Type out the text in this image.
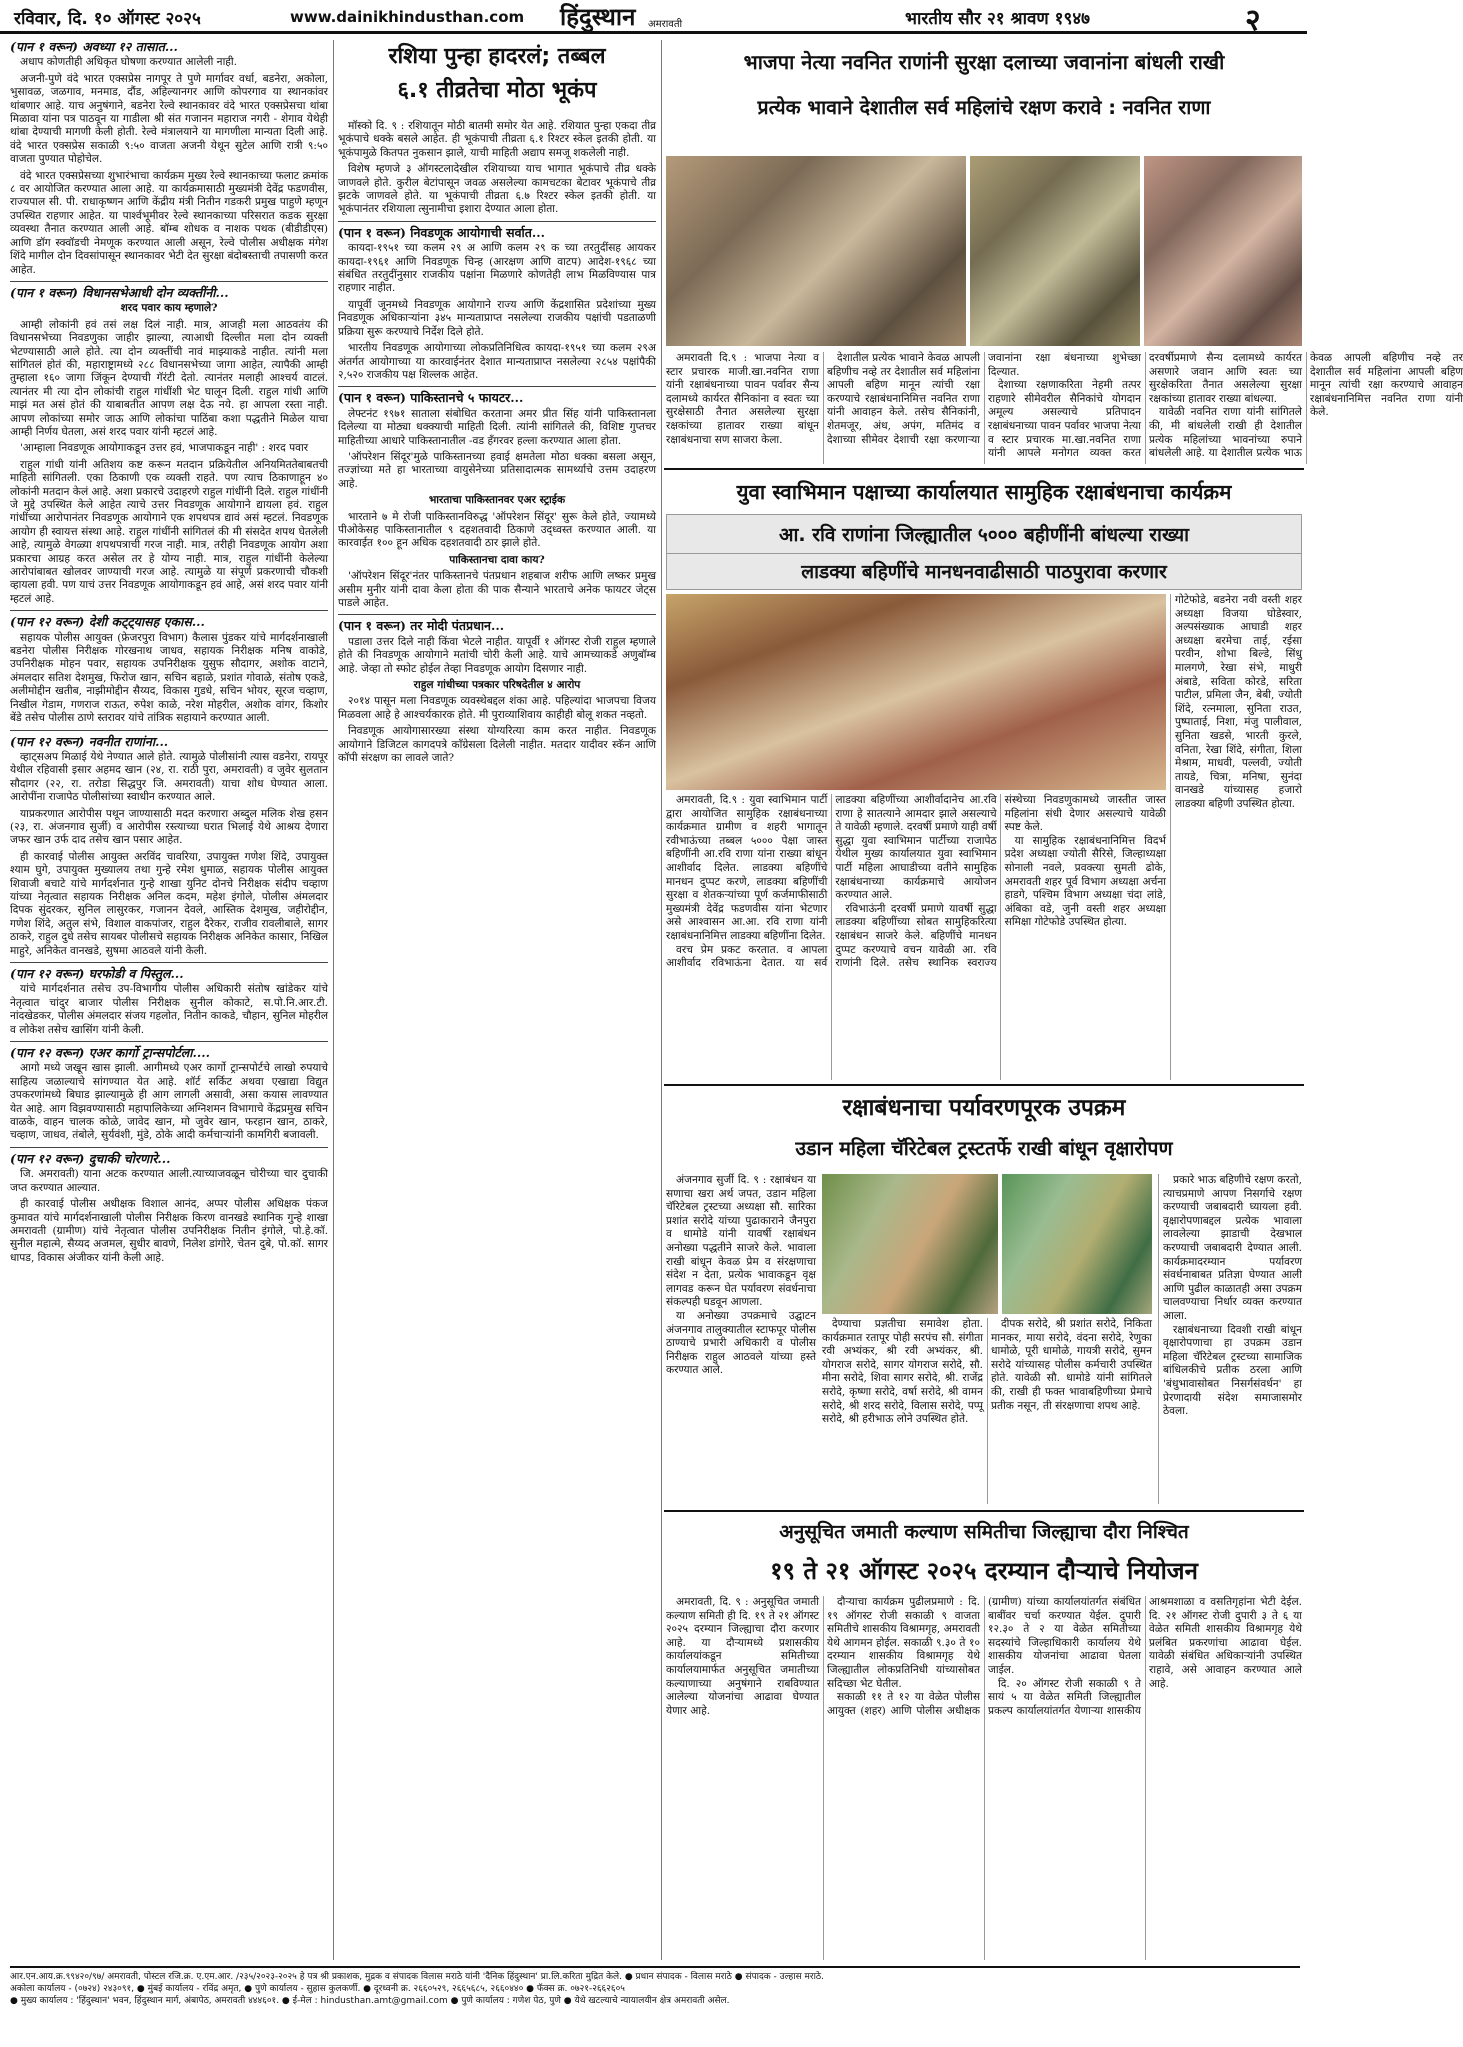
रविवार, दि. १० ऑगस्ट २०२५	www.dainikhindusthan.com हिंदुस्थान अमरावती	भारतीय सौर २१ श्रावण १९४७	२

(पान १ वरून) अवध्या १२ तासात...

अधाप कोणतीही अधिकृत घोषणा करण्यात आलेली नाही.

अजनी-पुणे वंदे भारत एक्सप्रेस नागपूर ते पुणे मार्गावर वर्धा, बडनेरा, अकोला, भुसावळ, जळगाव, मनमाड, दौंड, अहिल्यानगर आणि कोपरगाव या स्थानकांवर थांबणार आहे. याच अनुषंगाने, बडनेरा रेल्वे स्थानकावर वंदे भारत एक्सप्रेसचा थांबा मिळावा यांना पत्र पाठवून या गाडीला श्री संत गजानन महाराज नगरी - शेगाव येथेही थांबा देण्याची मागणी केली होती. रेल्वे मंत्रालयाने या मागणीला मान्यता दिली आहे. वंदे भारत एक्सप्रेस सकाळी ९:५० वाजता अजनी येथून सुटेल आणि रात्री ९:५० वाजता पुण्यात पोहोचेल.

वंदे भारत एक्सप्रेसच्या शुभारंभाचा कार्यक्रम मुख्य रेल्वे स्थानकाच्या फलाट क्रमांक ८ वर आयोजित करण्यात आला आहे. या कार्यक्रमासाठी मुख्यमंत्री देवेंद्र फडणवीस, राज्यपाल सी. पी. राधाकृष्णन आणि केंद्रीय मंत्री नितीन गडकरी प्रमुख पाहुणे म्हणून उपस्थित राहणार आहेत. या पार्श्वभूमीवर रेल्वे स्थानकाच्या परिसरात कडक सुरक्षा व्यवस्था तैनात करण्यात आली आहे. बॉम्ब शोधक व नाशक पथक (बीडीडीएस) आणि डॉग स्क्वॉडची नेमणूक करण्यात आली असून, रेल्वे पोलीस अधीक्षक मंगेश शिंदे मागील दोन दिवसांपासून स्थानकावर भेटी देत सुरक्षा बंदोबस्ताची तपासणी करत आहेत.

(पान १ वरून) विधानसभेआधी दोन व्यक्तींनी...

शरद पवार काय म्हणाले?

आम्ही लोकांनी हवं तसं लक्ष दिलं नाही. मात्र, आजही मला आठवतंय की विधानसभेच्या निवडणुका जाहीर झाल्या, त्याआधी दिल्लीत मला दोन व्यक्ती भेटण्यासाठी आले होते. त्या दोन व्यक्तींची नावं माझ्याकडे नाहीत. त्यांनी मला सांगितलं होतं की, महाराष्ट्रामध्ये २८८ विधानसभेच्या जागा आहेत, त्यापैकी आम्ही तुम्हाला १६० जागा जिंकून देण्याची गॅरंटी देतो. त्यानंतर मलाही आश्चर्य वाटलं. त्यानंतर मी त्या दोन लोकांची राहुल गांधींशी भेट घालून दिली. राहुल गांधी आणि माझं मत असं होतं की याबाबतीत आपण लक्ष देऊ नये. हा आपला रस्ता नाही. आपण लोकांच्या समोर जाऊ आणि लोकांचा पाठिंबा कशा पद्धतीने मिळेल याचा आम्ही निर्णय घेतला, असं शरद पवार यांनी म्हटलं आहे.

'आम्हाला निवडणूक आयोगाकडून उत्तर हवं, भाजपाकडून नाही' : शरद पवार

राहुल गांधी यांनी अतिशय कष्ट करून मतदान प्रक्रियेतील अनियमिततेबाबतची माहिती सांगितली. एका ठिकाणी एक व्यक्ती राहते. पण त्याच ठिकाणाहून ४० लोकांनी मतदान केलं आहे. अशा प्रकारचे उदाहरणे राहुल गांधींनी दिले. राहुल गांधींनी जे मुद्दे उपस्थित केले आहेत त्याचे उत्तर निवडणूक आयोगाने द्यायला हवं. राहुल गांधींच्या आरोपानंतर निवडणूक आयोगाने एक शपथपत्र द्यावं असं म्हटलं. निवडणूक आयोग ही स्वायत्त संस्था आहे. राहुल गांधींनी सांगितलं की मी संसदेत शपथ घेतलेली आहे, त्यामुळे वेगळ्या शपथपत्राची गरज नाही. मात्र, तरीही निवडणूक आयोग अशा प्रकारचा आग्रह करत असेल तर हे योग्य नाही. मात्र, राहुल गांधींनी केलेल्या आरोपांबाबत खोलवर जाण्याची गरज आहे. त्यामुळे या संपूर्ण प्रकरणाची चौकशी व्हायला हवी. पण याचं उत्तर निवडणूक आयोगाकडून हवं आहे, असं शरद पवार यांनी म्हटलं आहे.

(पान १२ वरून) देशी कट्ट्यासह एकास...

सहायक पोलीस आयुक्त (फ्रेजरपुरा विभाग) कैलास पुंडकर यांचे मार्गदर्शनाखाली बडनेरा पोलीस निरीक्षक गोरखनाथ जाधव, सहायक निरीक्षक मनिष वाकोडे, उपनिरीक्षक मोहन पवार, सहायक उपनिरीक्षक युसुफ सौदागर, अशोक वाटाने, अंमलदार सतिश देशमुख, फिरोज खान, सचिन बहाळे, प्रशांत गोवाळे, संतोष एकडे, अलीमोद्दीन खतीब, नाझीमोद्दीन सैय्यद, विकास गुडधे, सचिन भोयर, सूरज चव्हाण, निखील गेडाम, गणराज राऊत, रुपेश काळे, नरेश मोहरील, अशोक वांगर, किशोर बेंडे तसेच पोलीस ठाणे स्तरावर यांचे तांत्रिक सहायाने करण्यात आली.

(पान १२ वरून) नवनीत राणांना...

व्हाट्सअप मिळाई येथे नेण्यात आले होते. त्यामुळे पोलीसांनी त्यास वडनेरा, रायपूर येथील रहिवासी इसार अहमद खान (२४, रा. राठी पुरा, अमरावती) व जुवेर सुलतान सौदागर (२२, रा. तरोडा सिद्धपुर जि. अमरावती) याचा शोध घेण्यात आला. आरोपींना राजापेठ पोलीसांच्या स्वाधीन करण्यात आले.

याप्रकरणात आरोपीस पथून जाण्यासाठी मदत करणारा अब्दुल मलिक शेख हसन (२३, रा. अंजनगाव सुर्जी) व आरोपीस रस्त्याच्या घरात भिलाई येथे आश्रय देणारा जफर खान उर्फ दाद तसेच खान पसार आहेत.

ही कारवाई पोलीस आयुक्त अरविंद चावरिया, उपायुक्त गणेश शिंदे, उपायुक्त श्याम घुगे, उपायुक्त मुख्यालय तथा गुन्हे रमेश धुमाळ, सहायक पोलीस आयुक्त शिवाजी बचाटे यांचे मार्गदर्शनात गुन्हे शाखा युनिट दोनचे निरीक्षक संदीप चव्हाण यांच्या नेतृत्वात सहायक निरीक्षक अनिल कदम, महेश इंगोले, पोलीस अंमलदार दिपक सुंदरकर, सुनिल लासुरकर, गजानन देवले, आस्तिक देशमुख, जहीरोद्दीन, गणेश शिंदे, अतुल संभे, विशाल वाकपांजर, राहुल दैरेकर, राजीव रावलीबाले, सागर ठाकरे, राहुल दुधे तसेच सायबर पोलीसचे सहायक निरीक्षक अनिकेत कासार, निखिल माहुरे, अनिकेत वानखडे, सुषमा आठवले यांनी केली.

(पान १२ वरून) घरफोडी व पिस्तुल...

यांचे मार्गदर्शनात तसेच उप-विभागीय पोलीस अधिकारी संतोष खांडेकर यांचे नेतृत्वात चांदुर बाजार पोलीस निरीक्षक सुनील कोकाटे, स.पो.नि.आर.टी. नांदखेडकर, पोलीस अंमलदार संजय गहलोत, नितीन काकडे, चौहान, सुनिल मोहरील व लोकेश तसेच खासिंग यांनी केली.

(पान १२ वरून) एअर कार्गो ट्रान्सपोर्टला....

आगो मध्ये जखून खास झाली. आगीमध्ये एअर कार्गो ट्रान्सपोर्टचे लाखो रुपयाचे साहित्य जळाल्याचे सांगण्यात येत आहे. शॉर्ट सर्किट अथवा एखाद्या विद्युत उपकरणांमध्ये बिघाड झाल्यामुळे ही आग लागली असावी, असा कयास लावण्यात येत आहे. आग विझवण्यासाठी महापालिकेच्या अग्निशमन विभागाचे केंद्रप्रमुख सचिन वाळके, वाहन चालक कोळे, जावेद खान, मो जुवेर खान, फरहान खान, ठाकरे, चव्हाण, जाधव, तंबोले, सुर्यवंशी, मुंडे, ठोके आदी कर्मचाऱ्यांनी कामगिरी बजावली.

(पान १२ वरून) दुचाकी चोरणारे...

जि. अमरावती) याना अटक करण्यात आली.त्याच्याजवळून चोरीच्या चार दुचाकी जप्त करण्यात आल्यात.

ही कारवाई पोलीस अधीक्षक विशाल आनंद, अप्पर पोलीस अधिक्षक पंकज कुमावत यांचे मार्गदर्शनाखाली पोलीस निरीक्षक किरण वानखडे स्थानिक गुन्हे शाखा अमरावती (ग्रामीण) यांचे नेतृत्वात पोलीस उपनिरीक्षक नितीन इंगोले, पो.हे.कॉ. सुनील महात्मे, सैय्यद अजमल, सुधीर बावणे, निलेश डांगोरे, चेतन दुबे, पो.कॉ. सागर धापड, विकास अंजीकर यांनी केली आहे.

रशिया पुन्हा हादरलं; तब्बल
६.१ तीव्रतेचा मोठा भूकंप

मॉस्को दि. ९ : रशियातून मोठी बातमी समोर येत आहे. रशियात पुन्हा एकदा तीव्र भूकंपाचे धक्के बसले आहेत. ही भूकंपाची तीव्रता ६.१ रिश्टर स्केल इतकी होती. या भूकंपामुळे कितपत नुकसान झाले, याची माहिती अद्याप समजू शकलेली नाही.

विशेष म्हणजे ३ ऑगस्टलादेखील रशियाच्या याच भागात भूकंपाचे तीव्र धक्के जाणवले होते. कुरील बेटांपासून जवळ असलेल्या कामचटका बेटावर भूकंपाचे तीव्र झटके जाणवले होते. या भूकंपाची तीव्रता ६.७ रिश्टर स्केल इतकी होती. या भूकंपानंतर रशियाला त्सुनामीचा इशारा देण्यात आला होता.

(पान १ वरून) निवडणूक आयोगाची सर्वात...

कायदा-१९५१ च्या कलम २९ अ आणि कलम २९ क च्या तरतुदींसह आयकर कायदा-१९६१ आणि निवडणूक चिन्ह (आरक्षण आणि वाटप) आदेश-१९६८ च्या संबंधित तरतुदींनुसार राजकीय पक्षांना मिळणारे कोणतेही लाभ मिळविण्यास पात्र राहणार नाहीत.

यापूर्वी जूनमध्ये निवडणूक आयोगाने राज्य आणि केंद्रशासित प्रदेशांच्या मुख्य निवडणूक अधिकाऱ्यांना ३४५ मान्यताप्राप्त नसलेल्या राजकीय पक्षांची पडताळणी प्रक्रिया सुरू करण्याचे निर्देश दिले होते.

भारतीय निवडणूक आयोगाच्या लोकप्रतिनिधित्व कायदा-१९५१ च्या कलम २९अ अंतर्गत आयोगाच्या या कारवाईनंतर देशात मान्यताप्राप्त नसलेल्या २८५४ पक्षांपैकी २,५२० राजकीय पक्ष शिल्लक आहेत.

(पान १ वरून) पाकिस्तानचे ५ फायटर...

लेफ्टनंट १९७१ साताला संबोधित करताना अमर प्रीत सिंह यांनी पाकिस्तानला दिलेल्या या मोठ्या धक्क्याची माहिती दिली. त्यांनी सांगितले की, विशिष्ट गुप्तचर माहितीच्या आधारे पाकिस्तानातील -वड हॅंगरवर हल्ला करण्यात आला होता.

'ऑपरेशन सिंदूर'मुळे पाकिस्तानच्या हवाई क्षमतेला मोठा धक्का बसला असून, तज्ज्ञांच्या मते हा भारताच्या वायुसेनेच्या प्रतिसादात्मक सामर्थ्याचे उत्तम उदाहरण आहे.

भारताचा पाकिस्तानवर एअर स्ट्राईक

भारताने ७ मे रोजी पाकिस्तानविरुद्ध 'ऑपरेशन सिंदूर' सुरू केले होते, ज्यामध्ये पीओकेसह पाकिस्तानातील ९ दहशतवादी ठिकाणे उद्ध्वस्त करण्यात आली. या कारवाईत १०० हून अधिक दहशतवादी ठार झाले होते.

पाकिस्तानचा दावा काय?

'ऑपरेशन सिंदूर'नंतर पाकिस्तानचे पंतप्रधान शहबाज शरीफ आणि लष्कर प्रमुख असीम मुनीर यांनी दावा केला होता की पाक सैन्याने भारताचे अनेक फायटर जेट्स पाडले आहेत.

(पान १ वरून) तर मोदी पंतप्रधान...

पडाला उत्तर दिले नाही किंवा भेटले नाहीत. यापूर्वी १ ऑगस्ट रोजी राहुल म्हणाले होते की निवडणूक आयोगाने मतांची चोरी केली आहे. याचे आमच्याकडे अणुबॉम्ब आहे. जेव्हा तो स्फोट होईल तेव्हा निवडणूक आयोग दिसणार नाही.

राहुल गांधीच्या पत्रकार परिषदेतील ४ आरोप

२०१४ पासून मला निवडणूक व्यवस्थेबद्दल शंका आहे. पहिल्यांदा भाजपचा विजय मिळवला आहे हे आश्चर्यकारक होते. मी पुराव्याशिवाय काहीही बोलू शकत नव्हतो.

निवडणूक आयोगासारख्या संस्था योग्यरित्या काम करत नाहीत. निवडणूक आयोगाने डिजिटल कागदपत्रे काँग्रेसला दिलेली नाहीत. मतदार यादीवर स्कॅन आणि कॉपी संरक्षण का लावले जाते?

भाजपा नेत्या नवनित राणांनी सुरक्षा दलाच्या जवानांना बांधली राखी
प्रत्येक भावाने देशातील सर्व महिलांचे रक्षण करावे : नवनित राणा

अमरावती दि.९ : भाजपा नेत्या व स्टार प्रचारक माजी.खा.नवनित राणा यांनी रक्षाबंधनाच्या पावन पर्वावर सैन्य दलामध्ये कार्यरत सैनिकांना व स्वतः च्या सुरक्षेसाठी तैनात असलेल्या सुरक्षा रक्षकांच्या हातावर राख्या बांधून रक्षाबंधनाचा सण साजरा केला.

देशातील प्रत्येक भावाने केवळ आपली बहिणीच नव्हे तर देशातील सर्व महिलांना आपली बहिण मानून त्यांची रक्षा करण्याचे रक्षाबंधनानिमित्त नवनित राणा यांनी आवाहन केले. तसेच सैनिकांनी, शेतमजूर, अंध, अपंग, मतिमंद व देशाच्या सीमेवर देशाची रक्षा करणाऱ्या जवानांना रक्षा बंधनाच्या शुभेच्छा दिल्यात.

देशाच्या रक्षणाकरिता नेहमी तत्पर राहणारे सीमेवरील सैनिकांचे योगदान अमूल्य असल्याचे प्रतिपादन रक्षाबंधनाच्या पावन पर्वावर भाजपा नेत्या व स्टार प्रचारक मा.खा.नवनित राणा यांनी आपले मनोगत व्यक्त करत दरवर्षीप्रमाणे सैन्य दलामध्ये कार्यरत असणारे जवान आणि स्वतः च्या सुरक्षेकरिता तैनात असलेल्या सुरक्षा रक्षकांच्या हातावर राख्या बांधल्या.

यावेळी नवनित राणा यांनी सांगितले की, मी बांधलेली राखी ही देशातील प्रत्येक महिलांच्या भावनांच्या रुपाने बांधलेली आहे. या देशातील प्रत्येक भाऊ केवळ आपली बहिणीच नव्हे तर देशातील सर्व महिलांना आपली बहिण मानून त्यांची रक्षा करण्याचे आवाहन रक्षाबंधनानिमित्त नवनित राणा यांनी केले.

युवा स्वाभिमान पक्षाच्या कार्यालयात सामुहिक रक्षाबंधनाचा कार्यक्रम
आ. रवि राणांना जिल्ह्यातील ५००० बहीणींनी बांधल्या राख्या
लाडक्या बहिणींचे मानधनवाढीसाठी पाठपुरावा करणार
गोटेफोडे, बडनेरा नवी वस्ती शहर अध्यक्षा विजया घोडेस्वार, अल्पसंख्याक आघाडी शहर अध्यक्षा बरमेचा ताई, रईसा परवीन, शोभा बिल्डे, सिंधु मालगणे, रेखा संभे, माधुरी अंबाडे, सविता कोरडे, सरिता पाटील, प्रमिला जैन, बेबी, ज्योती शिंदे, रत्नमाला, सुनिता राउत, पुष्पाताई, निशा, मंजु पालीवाल, सुनिता खडसे, भारती कुरले, वनिता, रेखा शिंदे, संगीता, शिला मेश्राम, माधवी, पल्लवी, ज्योती तायडे, चित्रा, मनिषा, सुनंदा वानखडे यांच्यासह हजारो लाडक्या बहिणी उपस्थित होत्या.

अमरावती, दि.९ : युवा स्वाभिमान पार्टी द्वारा आयोजित सामुहिक रक्षाबंधनाच्या कार्यक्रमात ग्रामीण व शहरी भागातून रवीभाऊंच्या तब्बल ५००० पेक्षा जास्त बहिणींनी आ.रवि राणा यांना राख्या बांधून आशीर्वाद दिलेत. लाडक्या बहिणींचे मानधन दुप्पट करणे, लाडक्या बहिणींची सुरक्षा व शेतकऱ्यांच्या पूर्ण कर्जमाफीसाठी मुख्यमंत्री देवेंद्र फडणवीस यांना भेटणार असे आश्वासन आ.आ. रवि राणा यांनी रक्षाबंधनानिमित्त लाडक्या बहिणींना दिलेत.

वरच प्रेम प्रकट करतात. व आपला आशीर्वाद रविभाऊंना देतात. या सर्व लाडक्या बहिणींच्या आशीर्वादानेच आ.रवि राणा हे सातत्याने आमदार झाले असल्याचे ते यावेळी म्हणाले. दरवर्षी प्रमाणे याही वर्षी सुद्धा युवा स्वाभिमान पार्टीच्या राजापेठ येथील मुख्य कार्यालयात युवा स्वाभिमान पार्टी महिला आघाडीच्या वतीने सामुहिक रक्षाबंधनाच्या कार्यक्रमाचे आयोजन करण्यात आले.

रविभाऊंनी दरवर्षी प्रमाणे यावर्षी सुद्धा लाडक्या बहिणींच्या सोबत सामुहिकरित्या रक्षाबंधन साजरे केले. बहिणींचे मानधन दुप्पट करण्याचे वचन यावेळी आ. रवि राणांनी दिले. तसेच स्थानिक स्वराज्य संस्थेच्या निवडणुकामध्ये जास्तीत जास्त महिलांना संधी देणार असल्याचे यावेळी स्पष्ट केले.

या सामुहिक रक्षाबंधनानिमित्त विदर्भ प्रदेश अध्यक्षा ज्योती सैरिसे, जिल्हाध्यक्षा सोनाली नवले, प्रवक्त्या सुमती ढोके, अमरावती शहर पूर्व विभाग अध्यक्षा अर्चना हाडगे, पश्चिम विभाग अध्यक्षा चंदा लांडे, अंबिका वडे, जुनी वस्ती शहर अध्यक्षा समिक्षा गोटेफोडे उपस्थित होत्या.

रक्षाबंधनाचा पर्यावरणपूरक उपक्रम
उडान महिला चॅरिटेबल ट्रस्टतर्फे राखी बांधून वृक्षारोपण

अंजनगाव सुर्जी दि. ९ : रक्षाबंधन या सणाचा खरा अर्थ जपत, उडान महिला चॅरिटेबल ट्रस्टच्या अध्यक्षा सौ. सारिका प्रशांत सरोदे यांच्या पुढाकाराने जैनपुरा व धामोडे यांनी यावर्षी रक्षाबंधन अनोख्या पद्धतीने साजरे केले. भावाला राखी बांधून केवळ प्रेम व संरक्षणाचा संदेश न देता, प्रत्येक भावाकडून वृक्ष लागवड करून घेत पर्यावरण संवर्धनाचा संकल्पही घडवून आणला.

या अनोख्या उपक्रमाचे उद्घाटन अंजनगाव तालुक्यातील स्टाफपूर पोलीस ठाण्याचे प्रभारी अधिकारी व पोलीस निरीक्षक राहुल आठवले यांच्या हस्ते करण्यात आले.

देण्याचा प्रज्ञतीचा समावेश होता. कार्यक्रमात रतापूर पोही सरपंच सौ. संगीता रवी अभ्यंकर, श्री रवी अभ्यंकर, श्री. योगराज सरोदे, सागर योगराज सरोदे, सौ. मीना सरोदे, शिवा सागर सरोदे, श्री. राजेंद्र सरोदे, कृष्णा सरोदे, वर्षा सरोदे, श्री वामन सरोदे, श्री शरद सरोदे, विलास सरोदे, पप्पू सरोदे, श्री हरीभाऊ लोने उपस्थित होते.

दीपक सरोदे, श्री प्रशांत सरोदे, निकिता मानकर, माया सरोदे, वंदना सरोदे, रेणुका धामोळे, पूरी धामोळे, गायत्री सरोदे, सुमन सरोदे यांच्यासह पोलीस कर्मचारी उपस्थित होते. यावेळी सौ. धामोडे यांनी सांगितले की, राखी ही फक्त भावाबहिणीच्या प्रेमाचे प्रतीक नसून, ती संरक्षणाचा शपथ आहे.

प्रकारे भाऊ बहिणीचे रक्षण करतो, त्याचप्रमाणे आपण निसर्गाचे रक्षण करण्याची जबाबदारी घ्यायला हवी. वृक्षारोपणाबद्दल प्रत्येक भावाला लावलेल्या झाडाची देखभाल करण्याची जबाबदारी देण्यात आली. कार्यक्रमादरम्यान पर्यावरण संवर्धनाबाबत प्रतिज्ञा घेण्यात आली आणि पुढील काळातही असा उपक्रम चालवण्याचा निर्धार व्यक्त करण्यात आला.

रक्षाबंधनाच्या दिवशी राखी बांधून वृक्षारोपणाचा हा उपक्रम उडान महिला चॅरिटेबल ट्रस्टच्या सामाजिक बांधिलकीचे प्रतीक ठरला आणि 'बंधुभावासोबत निसर्गसंवर्धन' हा प्रेरणादायी संदेश समाजासमोर ठेवला.

अनुसूचित जमाती कल्याण समितीचा जिल्ह्याचा दौरा निश्चित
१९ ते २१ ऑगस्ट २०२५ दरम्यान दौऱ्याचे नियोजन

अमरावती, दि. ९ : अनुसूचित जमाती कल्याण समिती ही दि. १९ ते २१ ऑगस्ट २०२५ दरम्यान जिल्ह्याचा दौरा करणार आहे. या दौऱ्यामध्ये प्रशासकीय कार्यालयांकडून समितीच्या कार्यालयामार्फत अनुसूचित जमातीच्या कल्याणाच्या अनुषंगाने राबविण्यात आलेल्या योजनांचा आढावा घेण्यात येणार आहे.

दौऱ्याचा कार्यक्रम पुढीलप्रमाणे : दि. १९ ऑगस्ट रोजी सकाळी ९ वाजता समितीचे शासकीय विश्रामगृह, अमरावती येथे आगमन होईल. सकाळी ९.३० ते १० दरम्यान शासकीय विश्रामगृह येथे जिल्ह्यातील लोकप्रतिनिधी यांच्यासोबत सदिच्छा भेट घेतील.

सकाळी ११ ते १२ या वेळेत पोलीस आयुक्त (शहर) आणि पोलीस अधीक्षक (ग्रामीण) यांच्या कार्यालयांतर्गत संबंधित बाबींवर चर्चा करण्यात येईल. दुपारी १२.३० ते २ या वेळेत समितीच्या सदस्यांचे जिल्हाधिकारी कार्यालय येथे शासकीय योजनांचा आढावा घेतला जाईल.

दि. २० ऑगस्ट रोजी सकाळी ९ ते सायं ५ या वेळेत समिती जिल्ह्यातील प्रकल्प कार्यालयांतर्गत येणाऱ्या शासकीय आश्रमशाळा व वसतिगृहांना भेटी देईल. दि. २१ ऑगस्ट रोजी दुपारी ३ ते ६ या वेळेत समिती शासकीय विश्रामगृह येथे प्रलंबित प्रकरणांचा आढावा घेईल. यावेळी संबंधित अधिकाऱ्यांनी उपस्थित राहावे, असे आवाहन करण्यात आले आहे.

आर.एन.आय.क्र.९९४२०/९७/ अमरावती, पोस्टल रजि.क्र. ए.एम.आर. /२३५/२०२३-२०२५ हे पत्र श्री प्रकाशक, मुद्रक व संपादक विलास मराठे यांनी 'दैनिक हिंदुस्थान' प्रा.लि.करिता मुद्रित केले. ● प्रधान संपादक - विलास मराठे ● संपादक - उल्हास मराठे.
अकोला कार्यालय - (०७२४) २४३०९१, ● मुंबई कार्यालय - रविंद्र अमृत, ● पुणे कार्यालय - सुहास कुलकर्णी. ● दूरध्वनी क्र. २६६०५२९, २६६५६८५, २६६०४४० ● फॅक्स क्र. ०७२१-२६६२६०५
● मुख्य कार्यालय : 'हिंदुस्थान' भवन, हिंदुस्थान मार्ग, अंबापेठ, अमरावती ४४४६०१. ● ई-मेल : hindusthan.amt@gmail.com ● पुणे कार्यालय : गणेश पेठ, पुणे ● येथे खटल्याचे न्यायालयीन क्षेत्र अमरावती असेल.
